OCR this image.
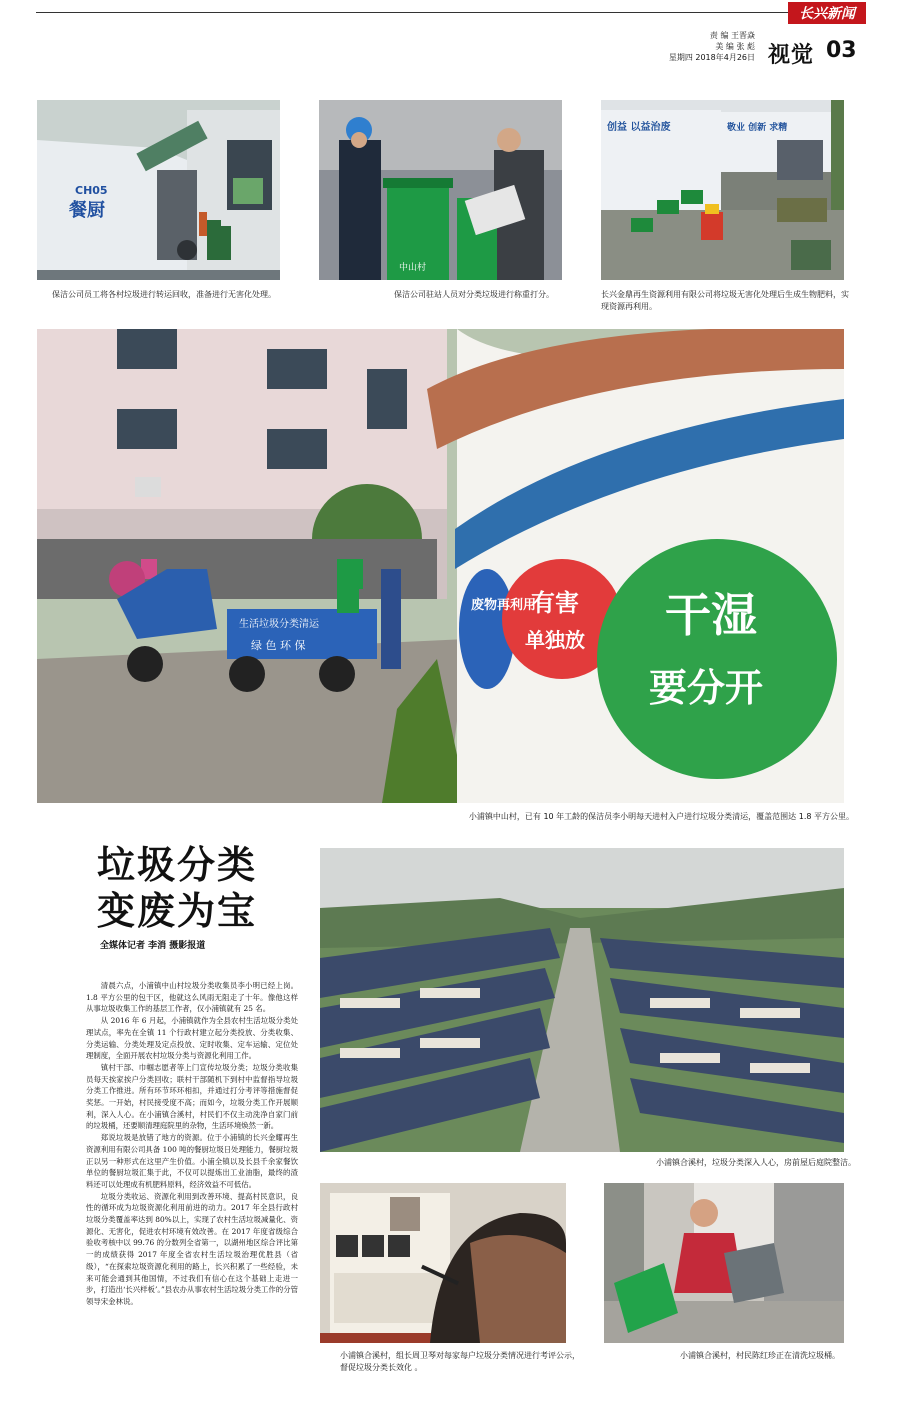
长兴新闻
责 编 王晋焱
美 编 张 彪
星期四 2018年4月26日 视觉 03
餐厨
CH05
保洁公司员工将各村垃圾进行转运回收，准备进行无害化处理。
中山村
保洁公司驻站人员对分类垃圾进行称重打分。
创益 以益治废	敬业 创新 求精
长兴金鼎再生资源利用有限公司将垃圾无害化处理后生成生物肥料，实现资源再利用。
生活垃圾分类清运
绿 色 环 保
废物再利用
有害
单独放 干湿
要分开
小浦镇中山村，已有 10 年工龄的保洁员李小明每天进村入户进行垃圾分类清运，覆盖范围达 1.8 平方公里。
垃圾分类
变废为宝
全媒体记者 李消 摄影报道

清晨六点，小浦镇中山村垃圾分类收集员李小明已经上岗。1.8 平方公里的包干区，他就这么风雨无阻走了十年。像他这样从事垃圾收集工作的基层工作者，仅小浦镇就有 25 名。

从 2016 年 6 月起，小浦镇就作为全县农村生活垃圾分类处理试点，率先在全镇 11 个行政村建立起分类投放、分类收集、分类运输、分类处理及定点投放、定时收集、定车运输、定位处理制度，全面开展农村垃圾分类与资源化利用工作。

镇村干部、巾帼志愿者等上门宣传垃圾分类；垃圾分类收集员每天挨家挨户分类回收；联村干部随机下到村中监督指导垃圾分类工作推进。所有环节环环相扣，并通过打分考评等措施督促奖惩。一开始，村民接受度不高；而如今，垃圾分类工作开展顺利，深入人心。在小浦镇合溪村，村民们不仅主动洗净自家门前的垃圾桶，还要顺清理庭院里的杂物，生活环境焕然一新。

郑说垃圾是放错了地方的资源。位于小浦镇的长兴金耀再生资源利用有限公司具备 100 吨的餐厨垃圾日处理能力，餐厨垃圾正以另一种形式在这里产生价值。小浦全镇以及长县千余家餐饮单位的餐厨垃圾汇集于此，不仅可以提炼出工业油脂，最终的渣料还可以处理成有机肥料原料，经济效益不可低估。

垃圾分类收运、资源化利用到改善环境、提高村民意识，良性的循环成为垃圾资源化利用前进的动力。2017 年全县行政村垃圾分类覆盖率达到 80%以上，实现了农村生活垃圾减量化、资源化、无害化，促进农村环境有效改善。在 2017 年度省级综合验收考核中以 99.76 的分数列全省第一，以湖州地区综合评比第一的成绩获得 2017 年度全省农村生活垃圾治理优胜县（省级），“在探索垃圾资源化利用的路上，长兴积累了一些经验，未来可能会通到其他国情，不过我们有信心在这个基础上走进一步，打造出‘长兴样板’。”县农办从事农村生活垃圾分类工作的分管领导宋金林说。

小浦镇合溪村，垃圾分类深入人心，房前屋后庭院整洁。
小浦镇合溪村，组长周卫琴对每家每户垃圾分类情况进行考评公示，督促垃圾分类长效化 。
小浦镇合溪村，村民陈红珍正在清洗垃圾桶。
